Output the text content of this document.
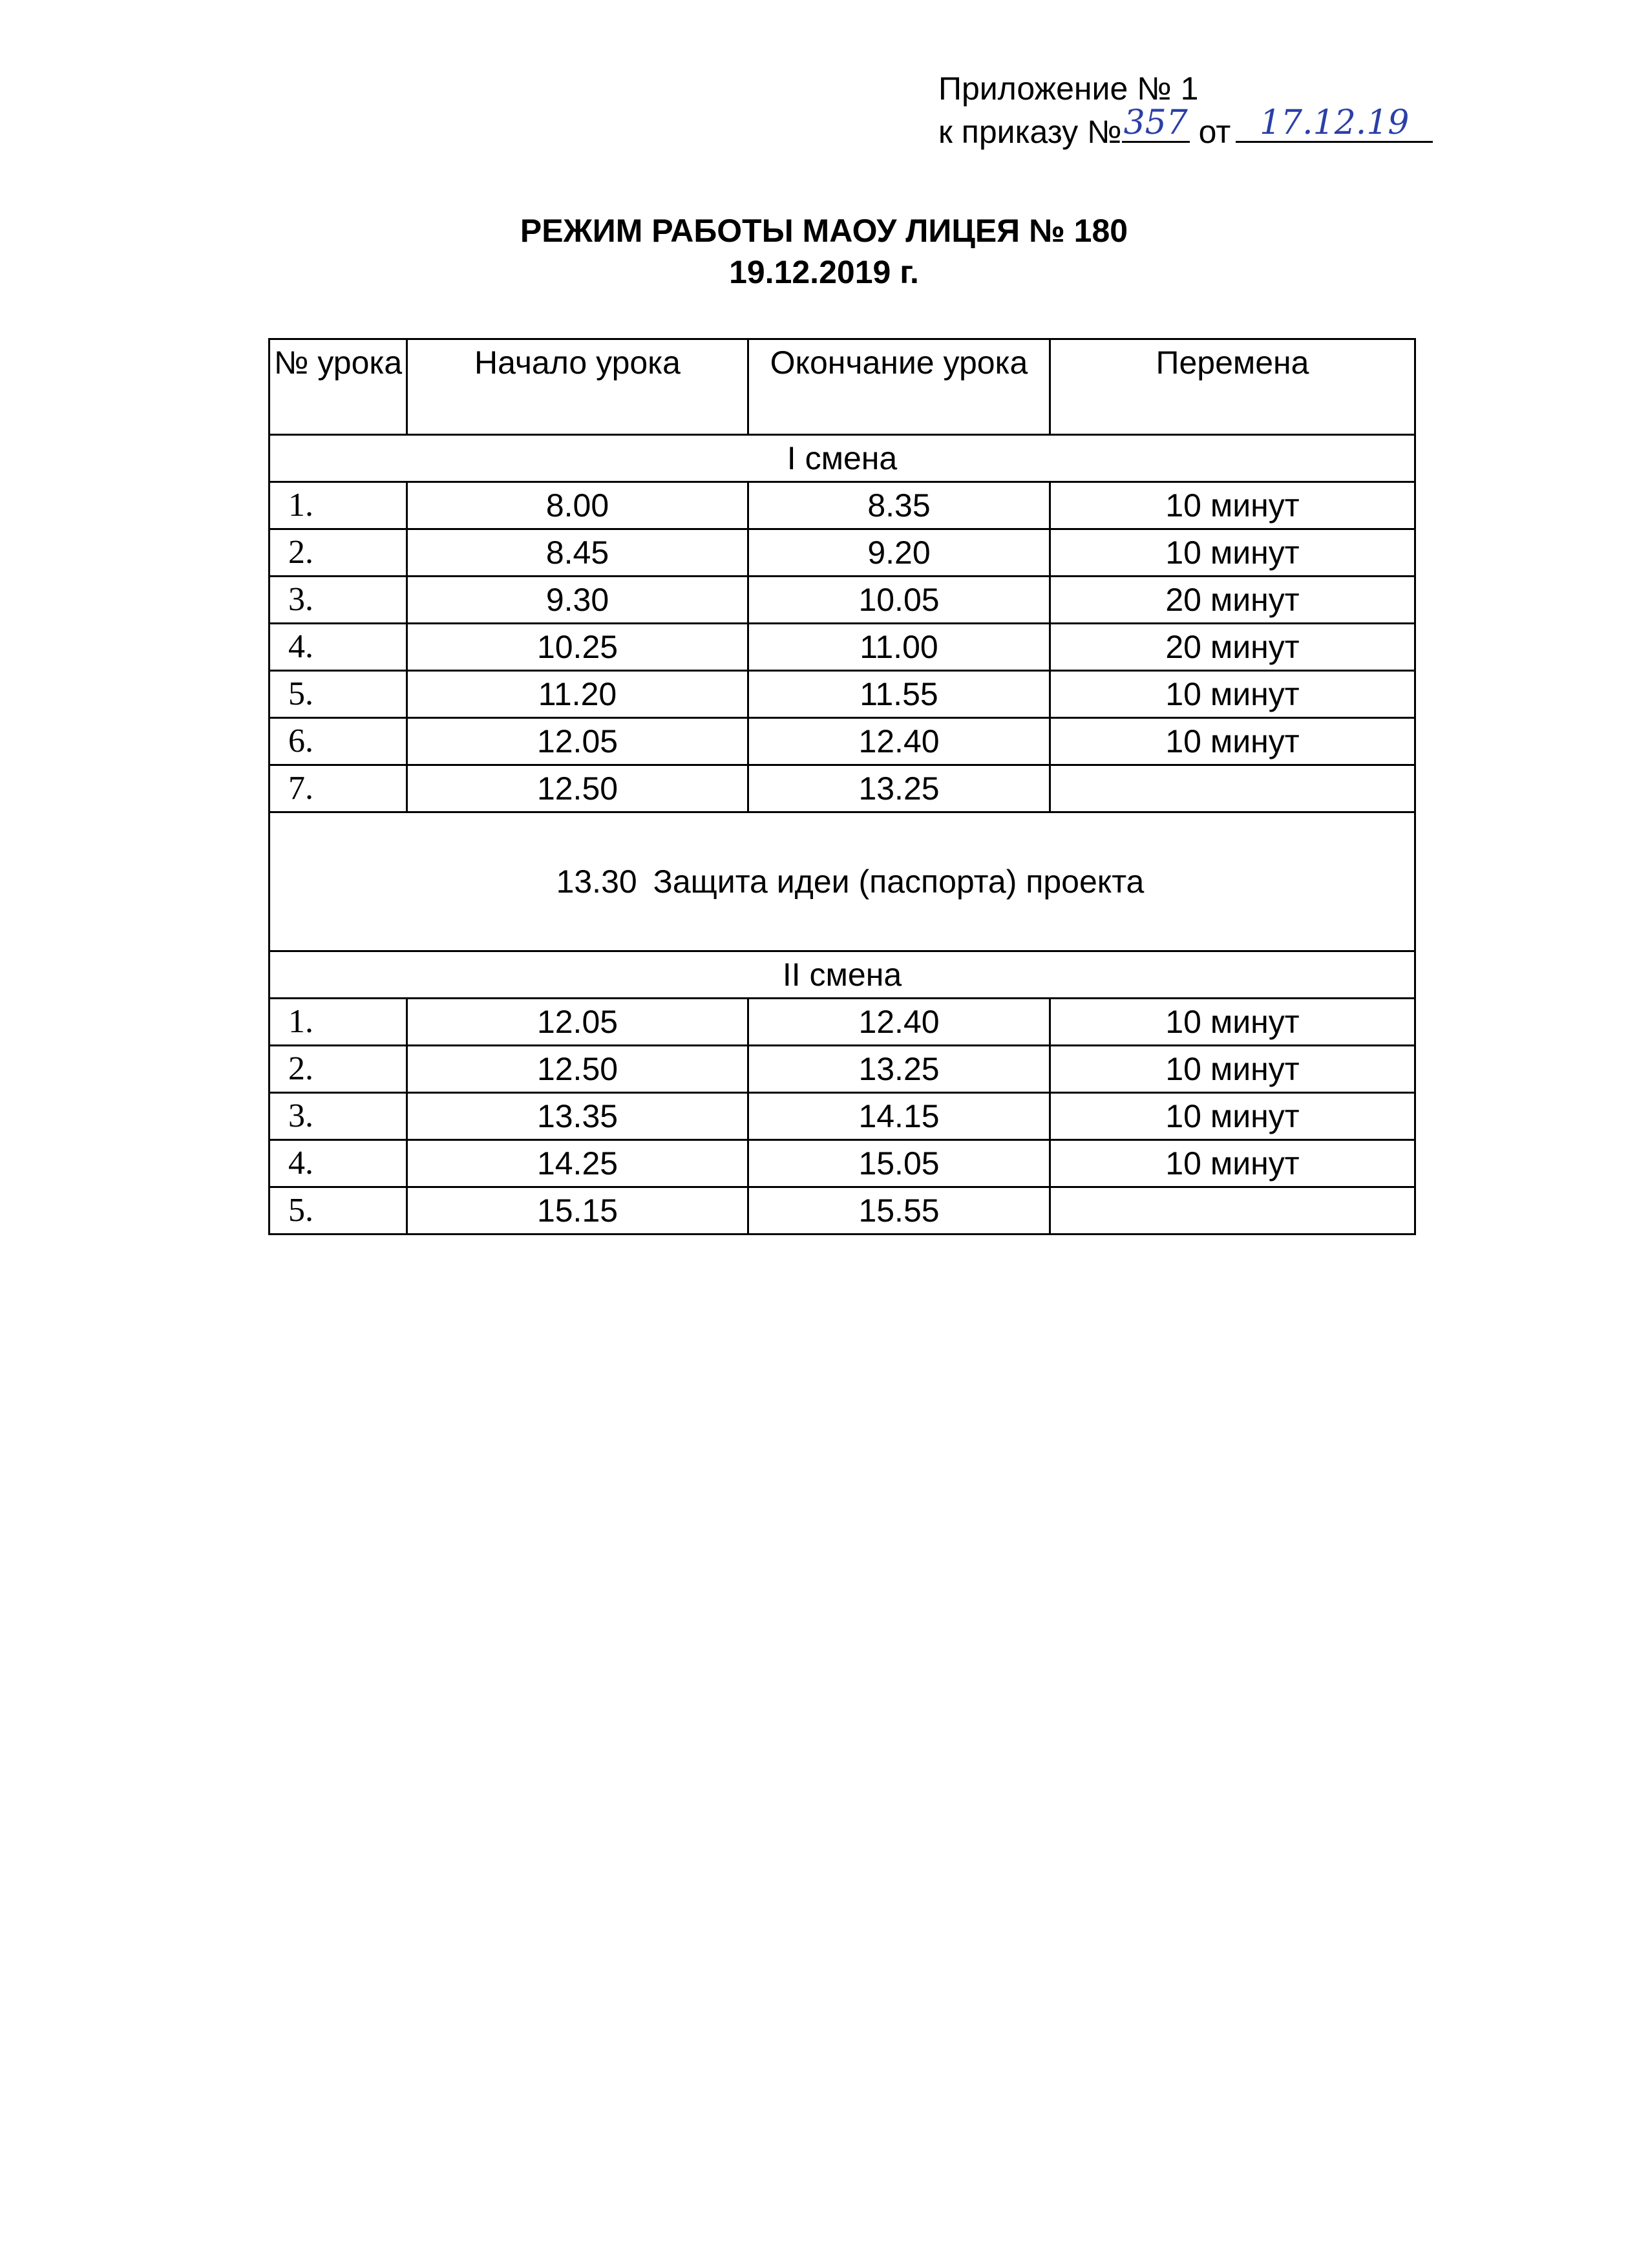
Приложение № 1
к приказу № 357 от 17.12.19
РЕЖИМ РАБОТЫ МАОУ ЛИЦЕЯ № 180
19.12.2019 г.
№ урока	Начало урока	Окончание урока	Перемена
I смена			
1.	8.00	8.35	10 минут
2.	8.45	9.20	10 минут
3.	9.30	10.05	20 минут
4.	10.25	11.00	20 минут
5.	11.20	11.55	10 минут
6.	12.05	12.40	10 минут
7.	12.50	13.25	
13.30 Защита идеи (паспорта) проекта			
II смена			
1.	12.05	12.40	10 минут
2.	12.50	13.25	10 минут
3.	13.35	14.15	10 минут
4.	14.25	15.05	10 минут
5.	15.15	15.55	
